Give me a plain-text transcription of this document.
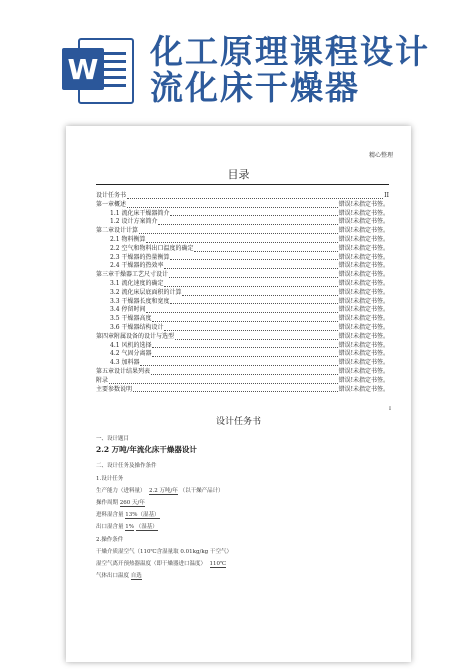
W 化工原理课程设计
流化床干燥器
精心整理
目录
设计任务书	II
第一章概述	错误!未指定书签。
1.1 流化床干燥器简介	错误!未指定书签。
1.2 设计方案简介	错误!未指定书签。
第二章设计计算	错误!未指定书签。
2.1 物料衡算	错误!未指定书签。
2.2 空气和物料出口温度的确定	错误!未指定书签。
2.3 干燥器的热量衡算	错误!未指定书签。
2.4 干燥器的热效率	错误!未指定书签。
第三章干燥器工艺尺寸设计	错误!未指定书签。
3.1 流化速度的确定	错误!未指定书签。
3.2 流化床层底面积的计算	错误!未指定书签。
3.3 干燥器长度和宽度	错误!未指定书签。
3.4 停留时间	错误!未指定书签。
3.5 干燥器高度	错误!未指定书签。
3.6 干燥器结构设计	错误!未指定书签。
第四章附属设备的设计与选型	错误!未指定书签。
4.1 风机的选择	错误!未指定书签。
4.2 气固分离器	错误!未指定书签。
4.3 加料器	错误!未指定书签。
第五章设计结果列表	错误!未指定书签。
附录	错误!未指定书签。
主要参数说明	错误!未指定书签。
I
设计任务书
一、设计题目
2.2 万吨/年流化床干燥器设计
二、设计任务及操作条件
1.设计任务
生产能力（进料量） 2.2 万吨/年 （以干燥产品计）
操作周期 260 天/年
进料湿含量 13%（湿基）
出口湿含量 1% （湿基）
2.操作条件
干燥介质湿空气（110℃含湿量取 0.01kg/kg 干空气）
湿空气离开预热器温度（即干燥器进口温度） 110℃
气体出口温度 自选
